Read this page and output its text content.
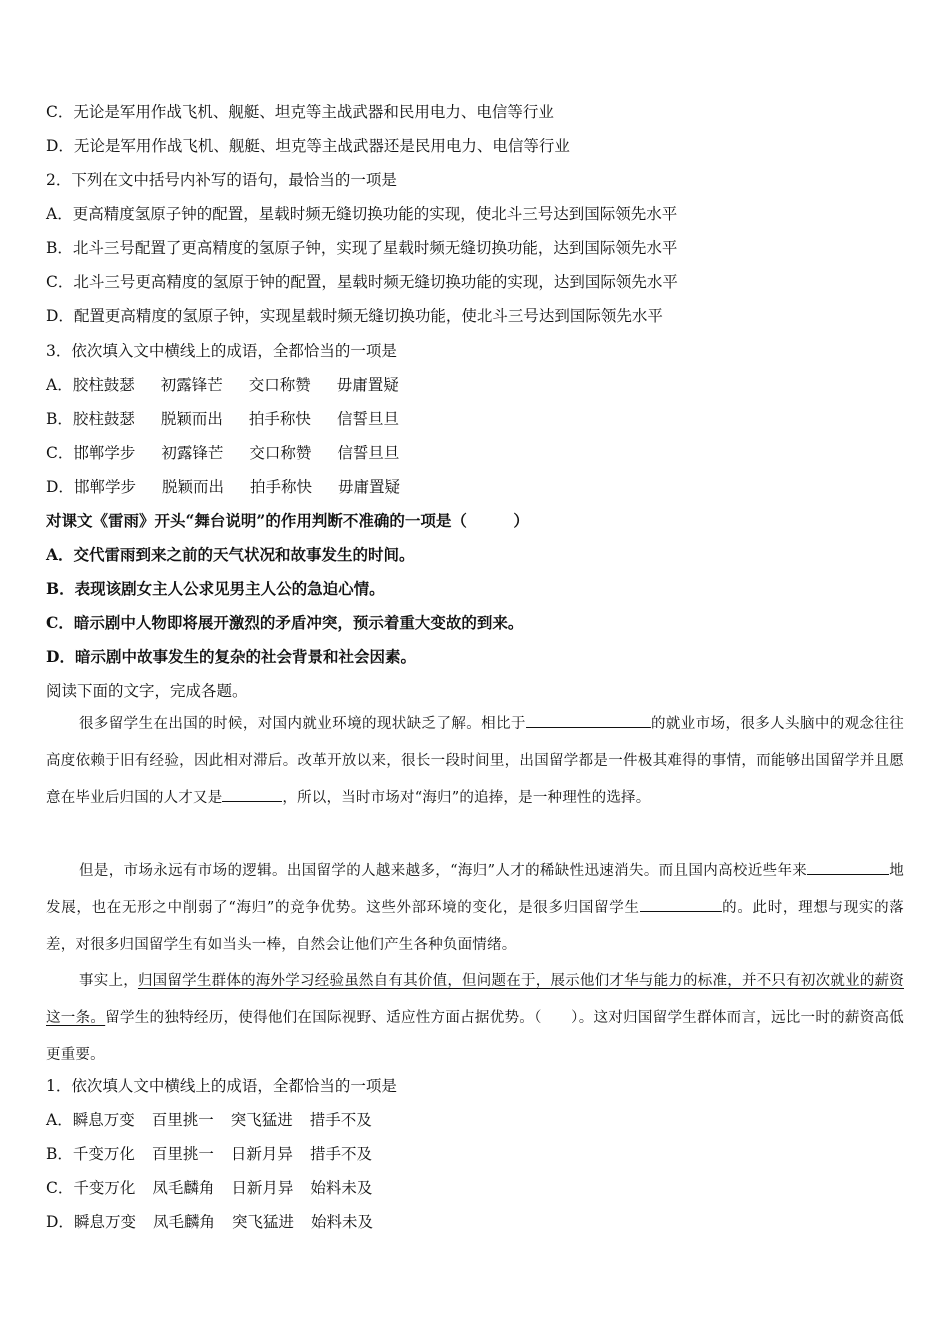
C．无论是军用作战飞机、舰艇、坦克等主战武器和民用电力、电信等行业
D．无论是军用作战飞机、舰艇、坦克等主战武器还是民用电力、电信等行业
2．下列在文中括号内补写的语句，最恰当的一项是
A．更高精度氢原子钟的配置，星载时频无缝切换功能的实现，使北斗三号达到国际领先水平
B．北斗三号配置了更高精度的氢原子钟，实现了星载时频无缝切换功能，达到国际领先水平
C．北斗三号更高精度的氢原于钟的配置，星载时频无缝切换功能的实现，达到国际领先水平
D．配置更高精度的氢原子钟，实现星载时频无缝切换功能，使北斗三号达到国际领先水平
3．依次填入文中横线上的成语，全都恰当的一项是
A．胶柱鼓瑟 初露锋芒 交口称赞 毋庸置疑
B．胶柱鼓瑟 脱颖而出 拍手称快 信誓旦旦
C．邯郸学步 初露锋芒 交口称赞 信誓旦旦
D．邯郸学步 脱颖而出 拍手称快 毋庸置疑
对课文《雷雨》开头“舞台说明”的作用判断不准确的一项是（　　　）
A．交代雷雨到来之前的天气状况和故事发生的时间。
B．表现该剧女主人公求见男主人公的急迫心情。
C．暗示剧中人物即将展开激烈的矛盾冲突，预示着重大变故的到来。
D．暗示剧中故事发生的复杂的社会背景和社会因素。
阅读下面的文字，完成各题。
很多留学生在出国的时候，对国内就业环境的现状缺乏了解。相比于	的就业市场，很多人头脑中的观念往往高度依赖于旧有经验，因此相对滞后。改革开放以来，很长一段时间里，出国留学都是一件极其难得的事情，而能够出国留学并且愿意在毕业后归国的人才又是	，所以，当时市场对“海归”的追捧，是一种理性的选择。
但是，市场永远有市场的逻辑。出国留学的人越来越多，“海归”人才的稀缺性迅速消失。而且国内高校近些年来	地发展，也在无形之中削弱了“海归”的竞争优势。这些外部环境的变化，是很多归国留学生	的。此时，理想与现实的落差，对很多归国留学生有如当头一棒，自然会让他们产生各种负面情绪。
事实上，归国留学生群体的海外学习经验虽然自有其价值，但问题在于，展示他们才华与能力的标准，并不只有初次就业的薪资这一条。留学生的独特经历，使得他们在国际视野、适应性方面占据优势。（　　）。这对归国留学生群体而言，远比一时的薪资高低更重要。
1．依次填人文中横线上的成语，全都恰当的一项是
A．瞬息万变 百里挑一 突飞猛进 措手不及
B．千变万化 百里挑一 日新月异 措手不及
C．千变万化 凤毛麟角 日新月异 始料未及
D．瞬息万变 凤毛麟角 突飞猛进 始料未及
